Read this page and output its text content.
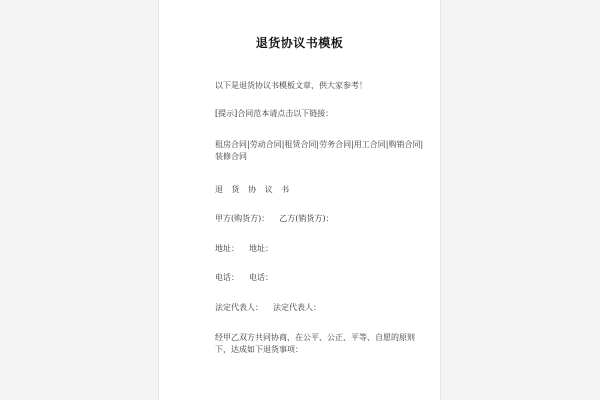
退货协议书模板
以下是退货协议书模板文章，供大家参考！
[提示]合同范本请点击以下链接：
租房合同|劳动合同|租赁合同|劳务合同|用工合同|购销合同|装修合同
退 货 协 议 书
甲方(购货方)： 乙方(销货方)：
地址： 地址：
电话： 电话：
法定代表人： 法定代表人：
经甲乙双方共同协商，在公平、公正、平等、自愿的原则下，达成如下退货事项：
